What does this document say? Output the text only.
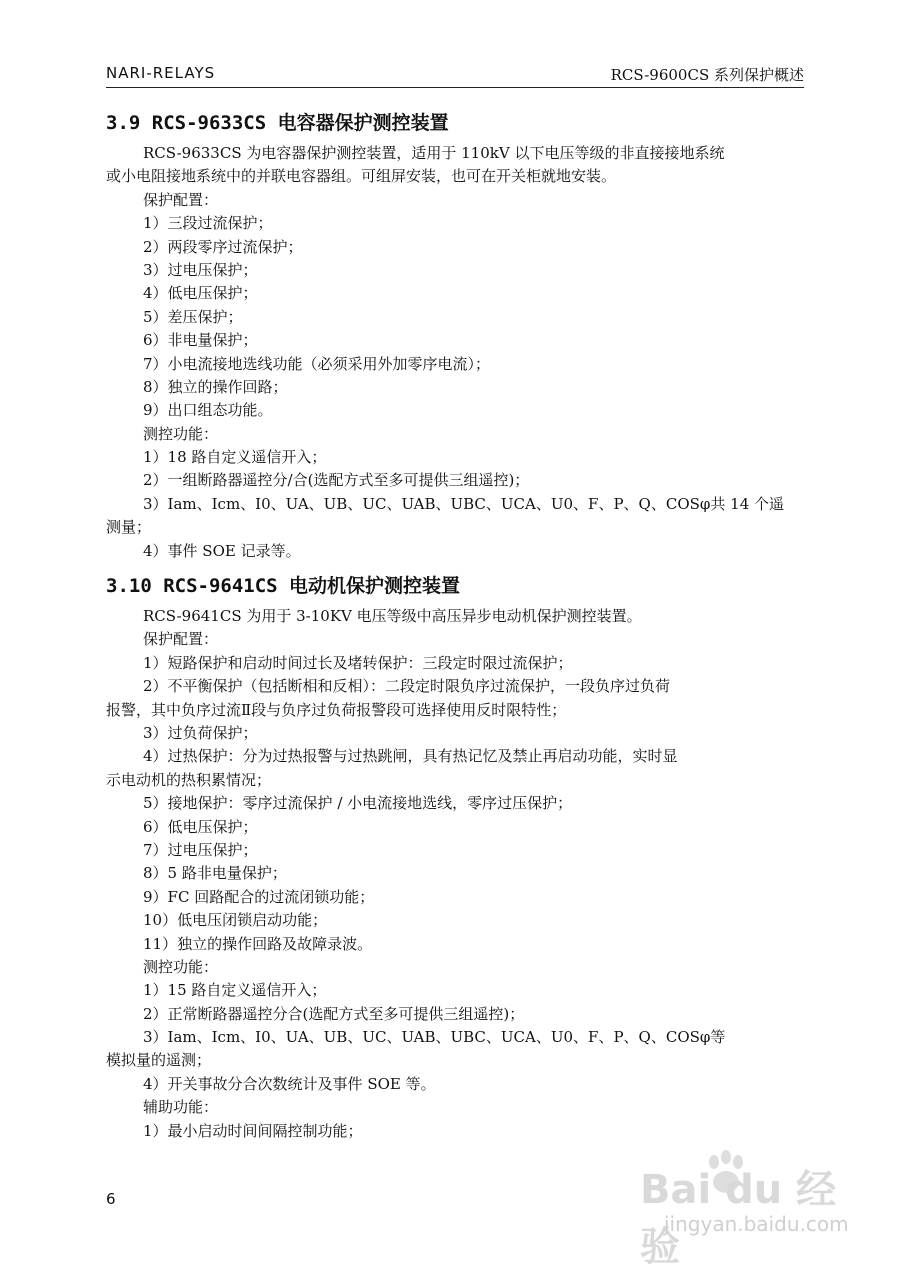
NARI-RELAYS	RCS-9600CS 系列保护概述
3.9 RCS-9633CS 电容器保护测控装置
RCS-9633CS 为电容器保护测控装置，适用于 110kV 以下电压等级的非直接接地系统
或小电阻接地系统中的并联电容器组。可组屏安装，也可在开关柜就地安装。
保护配置：
1）三段过流保护；
2）两段零序过流保护；
3）过电压保护；
4）低电压保护；
5）差压保护；
6）非电量保护；
7）小电流接地选线功能（必须采用外加零序电流）；
8）独立的操作回路；
9）出口组态功能。
测控功能：
1）18 路自定义遥信开入；
2）一组断路器遥控分/合(选配方式至多可提供三组遥控)；
3）Iam、Icm、I0、UA、UB、UC、UAB、UBC、UCA、U0、F、P、Q、COSφ共 14 个遥
测量；
4）事件 SOE 记录等。
3.10 RCS-9641CS 电动机保护测控装置
RCS-9641CS 为用于 3-10KV 电压等级中高压异步电动机保护测控装置。
保护配置：
1）短路保护和启动时间过长及堵转保护：三段定时限过流保护；
2）不平衡保护（包括断相和反相）：二段定时限负序过流保护，一段负序过负荷
报警，其中负序过流Ⅱ段与负序过负荷报警段可选择使用反时限特性；
3）过负荷保护；
4）过热保护：分为过热报警与过热跳闸，具有热记忆及禁止再启动功能，实时显
示电动机的热积累情况；
5）接地保护：零序过流保护 / 小电流接地选线，零序过压保护；
6）低电压保护；
7）过电压保护；
8）5 路非电量保护；
9）FC 回路配合的过流闭锁功能；
10）低电压闭锁启动功能；
11）独立的操作回路及故障录波。
测控功能：
1）15 路自定义遥信开入；
2）正常断路器遥控分合(选配方式至多可提供三组遥控)；
3）Iam、Icm、I0、UA、UB、UC、UAB、UBC、UCA、U0、F、P、Q、COSφ等
模拟量的遥测；
4）开关事故分合次数统计及事件 SOE 等。
辅助功能：
1）最小启动时间间隔控制功能；
6	Bai du 经验
jingyan.baidu.com
